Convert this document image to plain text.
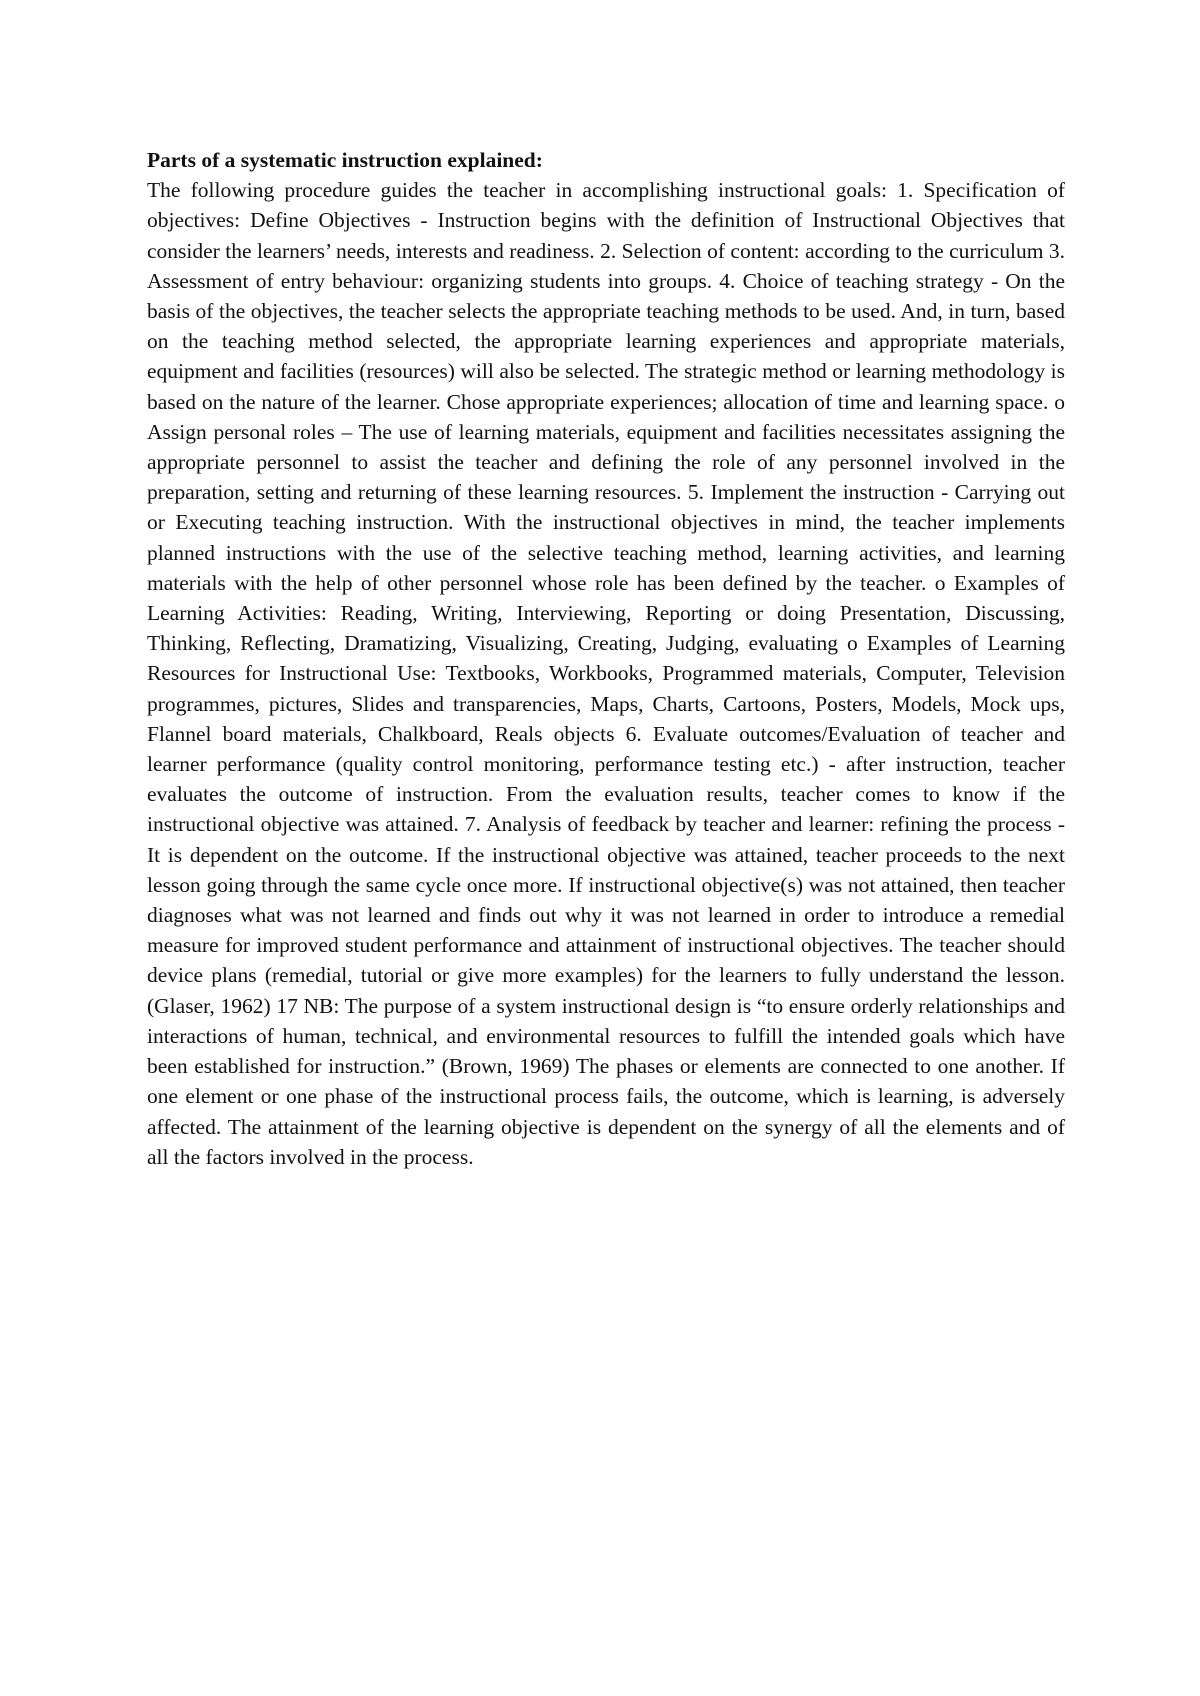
Parts of a systematic instruction explained:

The following procedure guides the teacher in accomplishing instructional goals: 1. Specification of objectives: Define Objectives - Instruction begins with the definition of Instructional Objectives that consider the learners’ needs, interests and readiness. 2. Selection of content: according to the curriculum 3. Assessment of entry behaviour: organizing students into groups. 4. Choice of teaching strategy - On the basis of the objectives, the teacher selects the appropriate teaching methods to be used. And, in turn, based on the teaching method selected, the appropriate learning experiences and appropriate materials, equipment and facilities (resources) will also be selected. The strategic method or learning methodology is based on the nature of the learner. Chose appropriate experiences; allocation of time and learning space. o Assign personal roles – The use of learning materials, equipment and facilities necessitates assigning the appropriate personnel to assist the teacher and defining the role of any personnel involved in the preparation, setting and returning of these learning resources. 5. Implement the instruction - Carrying out or Executing teaching instruction. With the instructional objectives in mind, the teacher implements planned instructions with the use of the selective teaching method, learning activities, and learning materials with the help of other personnel whose role has been defined by the teacher. o Examples of Learning Activities: Reading, Writing, Interviewing, Reporting or doing Presentation, Discussing, Thinking, Reflecting, Dramatizing, Visualizing, Creating, Judging, evaluating o Examples of Learning Resources for Instructional Use: Textbooks, Workbooks, Programmed materials, Computer, Television programmes, pictures, Slides and transparencies, Maps, Charts, Cartoons, Posters, Models, Mock ups, Flannel board materials, Chalkboard, Reals objects 6. Evaluate outcomes/Evaluation of teacher and learner performance (quality control monitoring, performance testing etc.) - after instruction, teacher evaluates the outcome of instruction. From the evaluation results, teacher comes to know if the instructional objective was attained. 7. Analysis of feedback by teacher and learner: refining the process - It is dependent on the outcome. If the instructional objective was attained, teacher proceeds to the next lesson going through the same cycle once more. If instructional objective(s) was not attained, then teacher diagnoses what was not learned and finds out why it was not learned in order to introduce a remedial measure for improved student performance and attainment of instructional objectives. The teacher should device plans (remedial, tutorial or give more examples) for the learners to fully understand the lesson. (Glaser, 1962) 17 NB: The purpose of a system instructional design is “to ensure orderly relationships and interactions of human, technical, and environmental resources to fulfill the intended goals which have been established for instruction.” (Brown, 1969) The phases or elements are connected to one another. If one element or one phase of the instructional process fails, the outcome, which is learning, is adversely affected. The attainment of the learning objective is dependent on the synergy of all the elements and of all the factors involved in the process.
